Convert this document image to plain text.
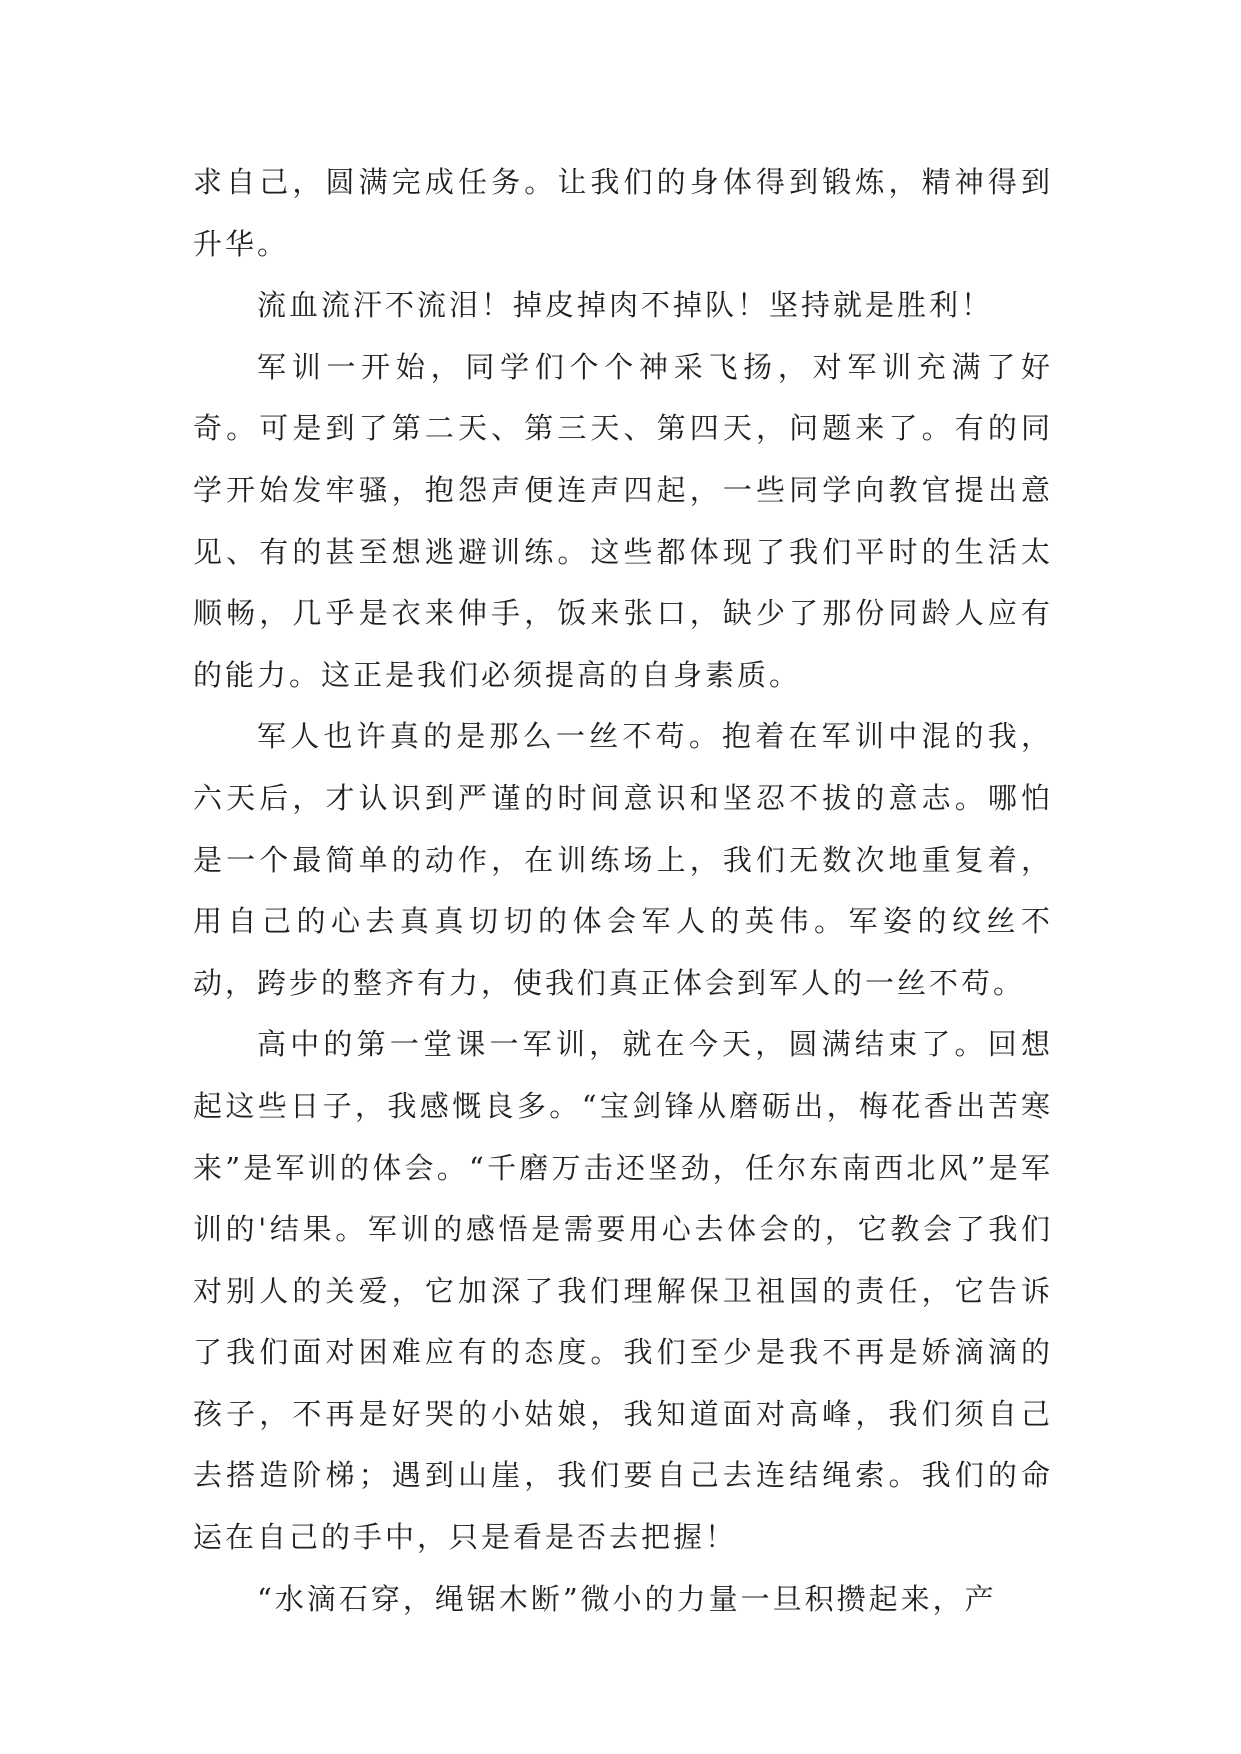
求自己，圆满完成任务。让我们的身体得到锻炼，精神得到升华。

流血流汗不流泪！掉皮掉肉不掉队！坚持就是胜利！

军训一开始，同学们个个神采飞扬，对军训充满了好奇。可是到了第二天、第三天、第四天，问题来了。有的同学开始发牢骚，抱怨声便连声四起，一些同学向教官提出意见、有的甚至想逃避训练。这些都体现了我们平时的生活太顺畅，几乎是衣来伸手，饭来张口，缺少了那份同龄人应有的能力。这正是我们必须提高的自身素质。

军人也许真的是那么一丝不苟。抱着在军训中混的我，六天后，才认识到严谨的时间意识和坚忍不拔的意志。哪怕是一个最简单的动作，在训练场上，我们无数次地重复着，用自己的心去真真切切的体会军人的英伟。军姿的纹丝不动，跨步的整齐有力，使我们真正体会到军人的一丝不苟。

高中的第一堂课一军训，就在今天，圆满结束了。回想起这些日子，我感慨良多。“宝剑锋从磨砺出，梅花香出苦寒来”是军训的体会。“千磨万击还坚劲，任尔东南西北风”是军训的'结果。军训的感悟是需要用心去体会的，它教会了我们对别人的关爱，它加深了我们理解保卫祖国的责任，它告诉了我们面对困难应有的态度。我们至少是我不再是娇滴滴的孩子，不再是好哭的小姑娘，我知道面对高峰，我们须自己去搭造阶梯；遇到山崖，我们要自己去连结绳索。我们的命运在自己的手中，只是看是否去把握！

“水滴石穿，绳锯木断”微小的力量一旦积攒起来，产
